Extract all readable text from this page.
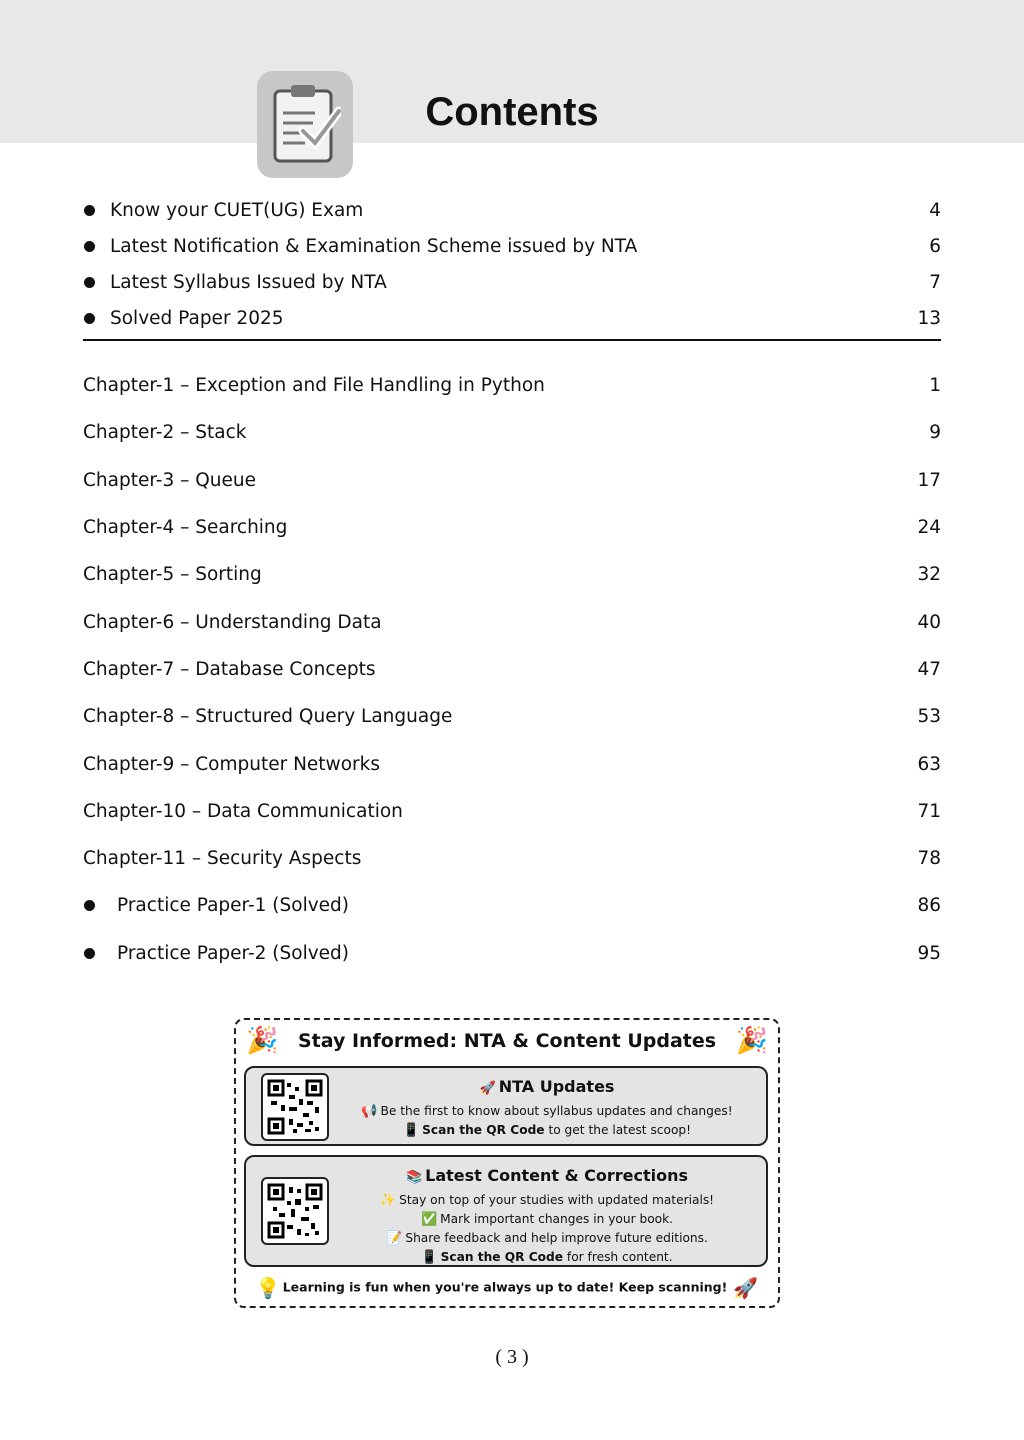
Contents
Know your CUET(UG) Exam	4
Latest Notification & Examination Scheme issued by NTA	6
Latest Syllabus Issued by NTA	7
Solved Paper 2025	13
Chapter-1 – Exception and File Handling in Python	1
Chapter-2 – Stack	9
Chapter-3 – Queue	17
Chapter-4 – Searching	24
Chapter-5 – Sorting	32
Chapter-6 – Understanding Data	40
Chapter-7 – Database Concepts	47
Chapter-8 – Structured Query Language	53
Chapter-9 – Computer Networks	63
Chapter-10 – Data Communication	71
Chapter-11 – Security Aspects	78
Practice Paper-1 (Solved)	86
Practice Paper-2 (Solved)	95
🎉	Stay Informed: NTA & Content Updates 🎉
🚀 NTA Updates
📢 Be the first to know about syllabus updates and changes!
📱 Scan the QR Code to get the latest scoop!
📚 Latest Content & Corrections
✨ Stay on top of your studies with updated materials!
✅ Mark important changes in your book.
📝 Share feedback and help improve future editions.
📱 Scan the QR Code for fresh content.
💡 Learning is fun when you're always up to date! Keep scanning! 🚀
( 3 )
